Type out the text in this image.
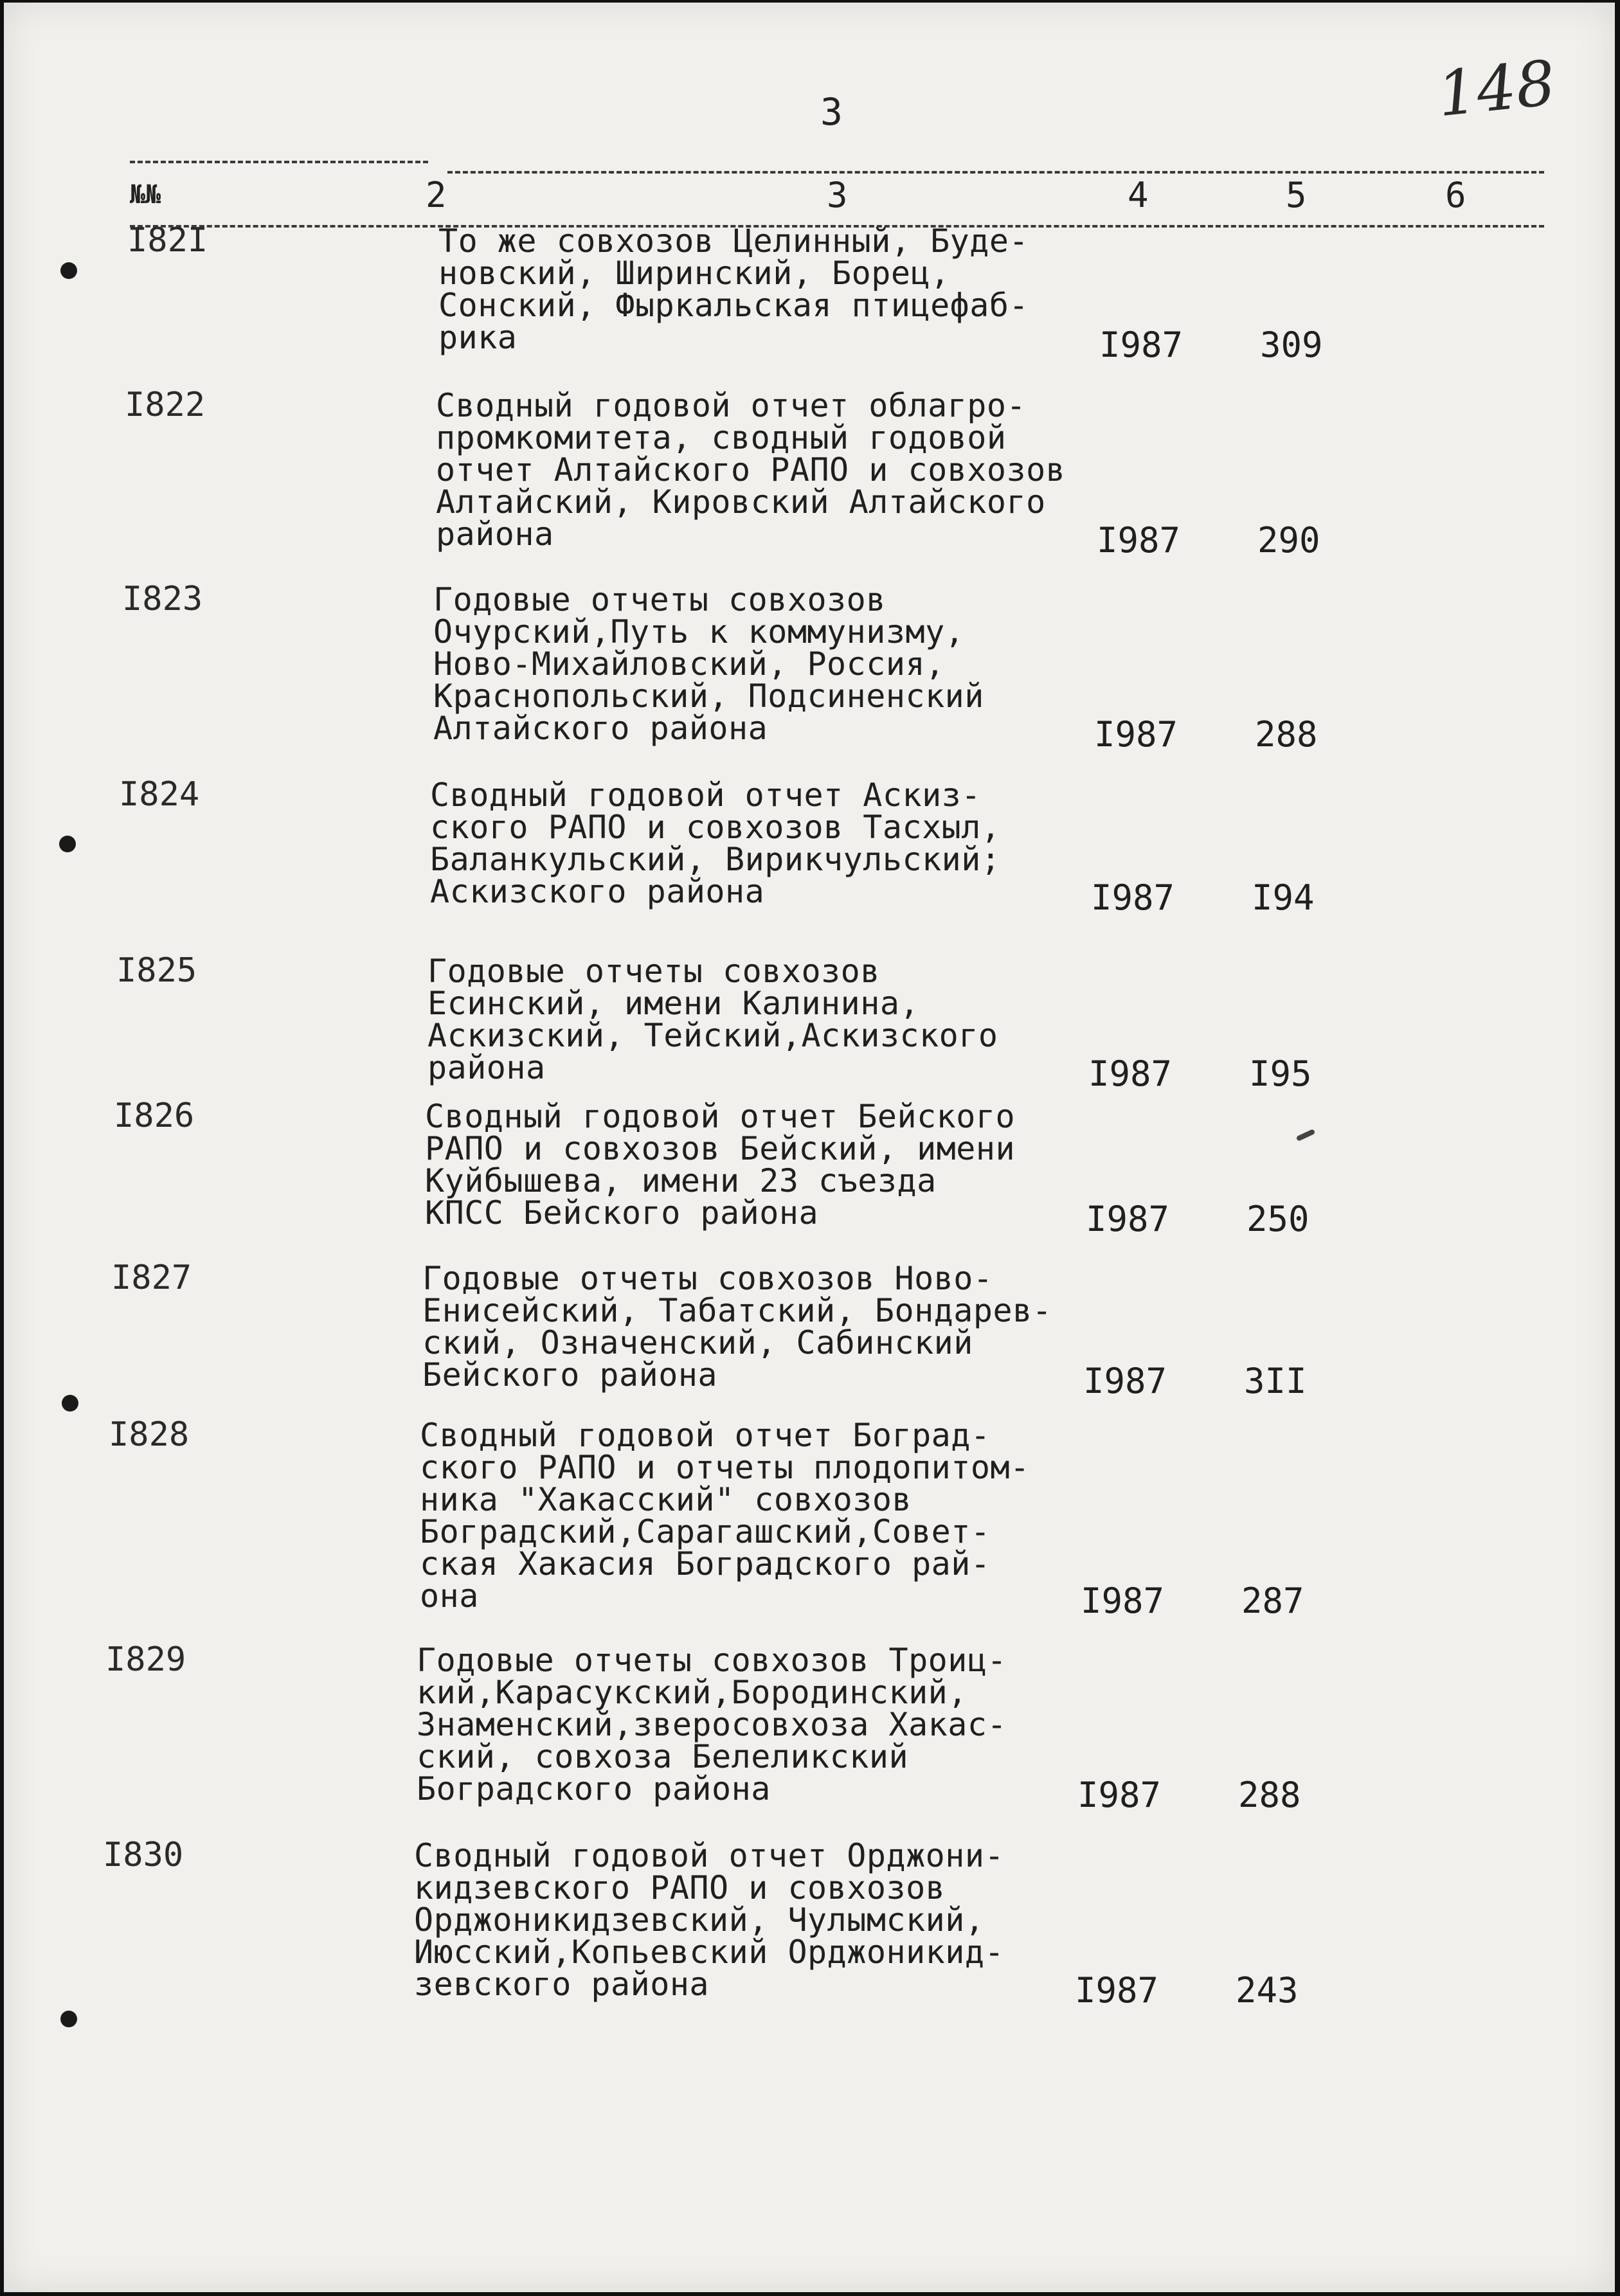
148
3
№№	2	3	4	5	6
I82I	То же совхозов Целинный, Буде-
новский, Ширинский, Борец,
Сонский, Фыркальская птицефаб-
рика	I987 309
I822	Сводный годовой отчет облагро-
промкомитета, сводный годовой
отчет Алтайского РАПО и совхозов
Алтайский, Кировский Алтайского
района	I987 290
I823	Годовые отчеты совхозов
Очурский,Путь к коммунизму,
Ново-Михайловский, Россия,
Краснопольский, Подсиненский
Алтайского района	I987 288
I824	Сводный годовой отчет Аскиз-
ского РАПО и совхозов Тасхыл,
Баланкульский, Вирикчульский;
Аскизского района	I987 I94
I825	Годовые отчеты совхозов
Есинский, имени Калинина,
Аскизский, Тейский,Аскизского
района	I987 I95
I826	Сводный годовой отчет Бейского
РАПО и совхозов Бейский, имени
Куйбышева, имени 23 съезда
КПСС Бейского района	I987 250
I827	Годовые отчеты совхозов Ново-
Енисейский, Табатский, Бондарев-
ский, Означенский, Сабинский
Бейского района	I987 3II
I828	Сводный годовой отчет Боград-
ского РАПО и отчеты плодопитом-
ника "Хакасский" совхозов
Боградский,Сарагашский,Совет-
ская Хакасия Боградского рай-
она	I987 287
I829	Годовые отчеты совхозов Троиц-
кий,Карасукский,Бородинский,
Знаменский,зверосовхоза Хакас-
ский, совхоза Белеликский
Боградского района	I987 288
I830	Сводный годовой отчет Орджони-
кидзевского РАПО и совхозов
Орджоникидзевский, Чулымский,
Июсский,Копьевский Орджоникид-
зевского района	I987 243
